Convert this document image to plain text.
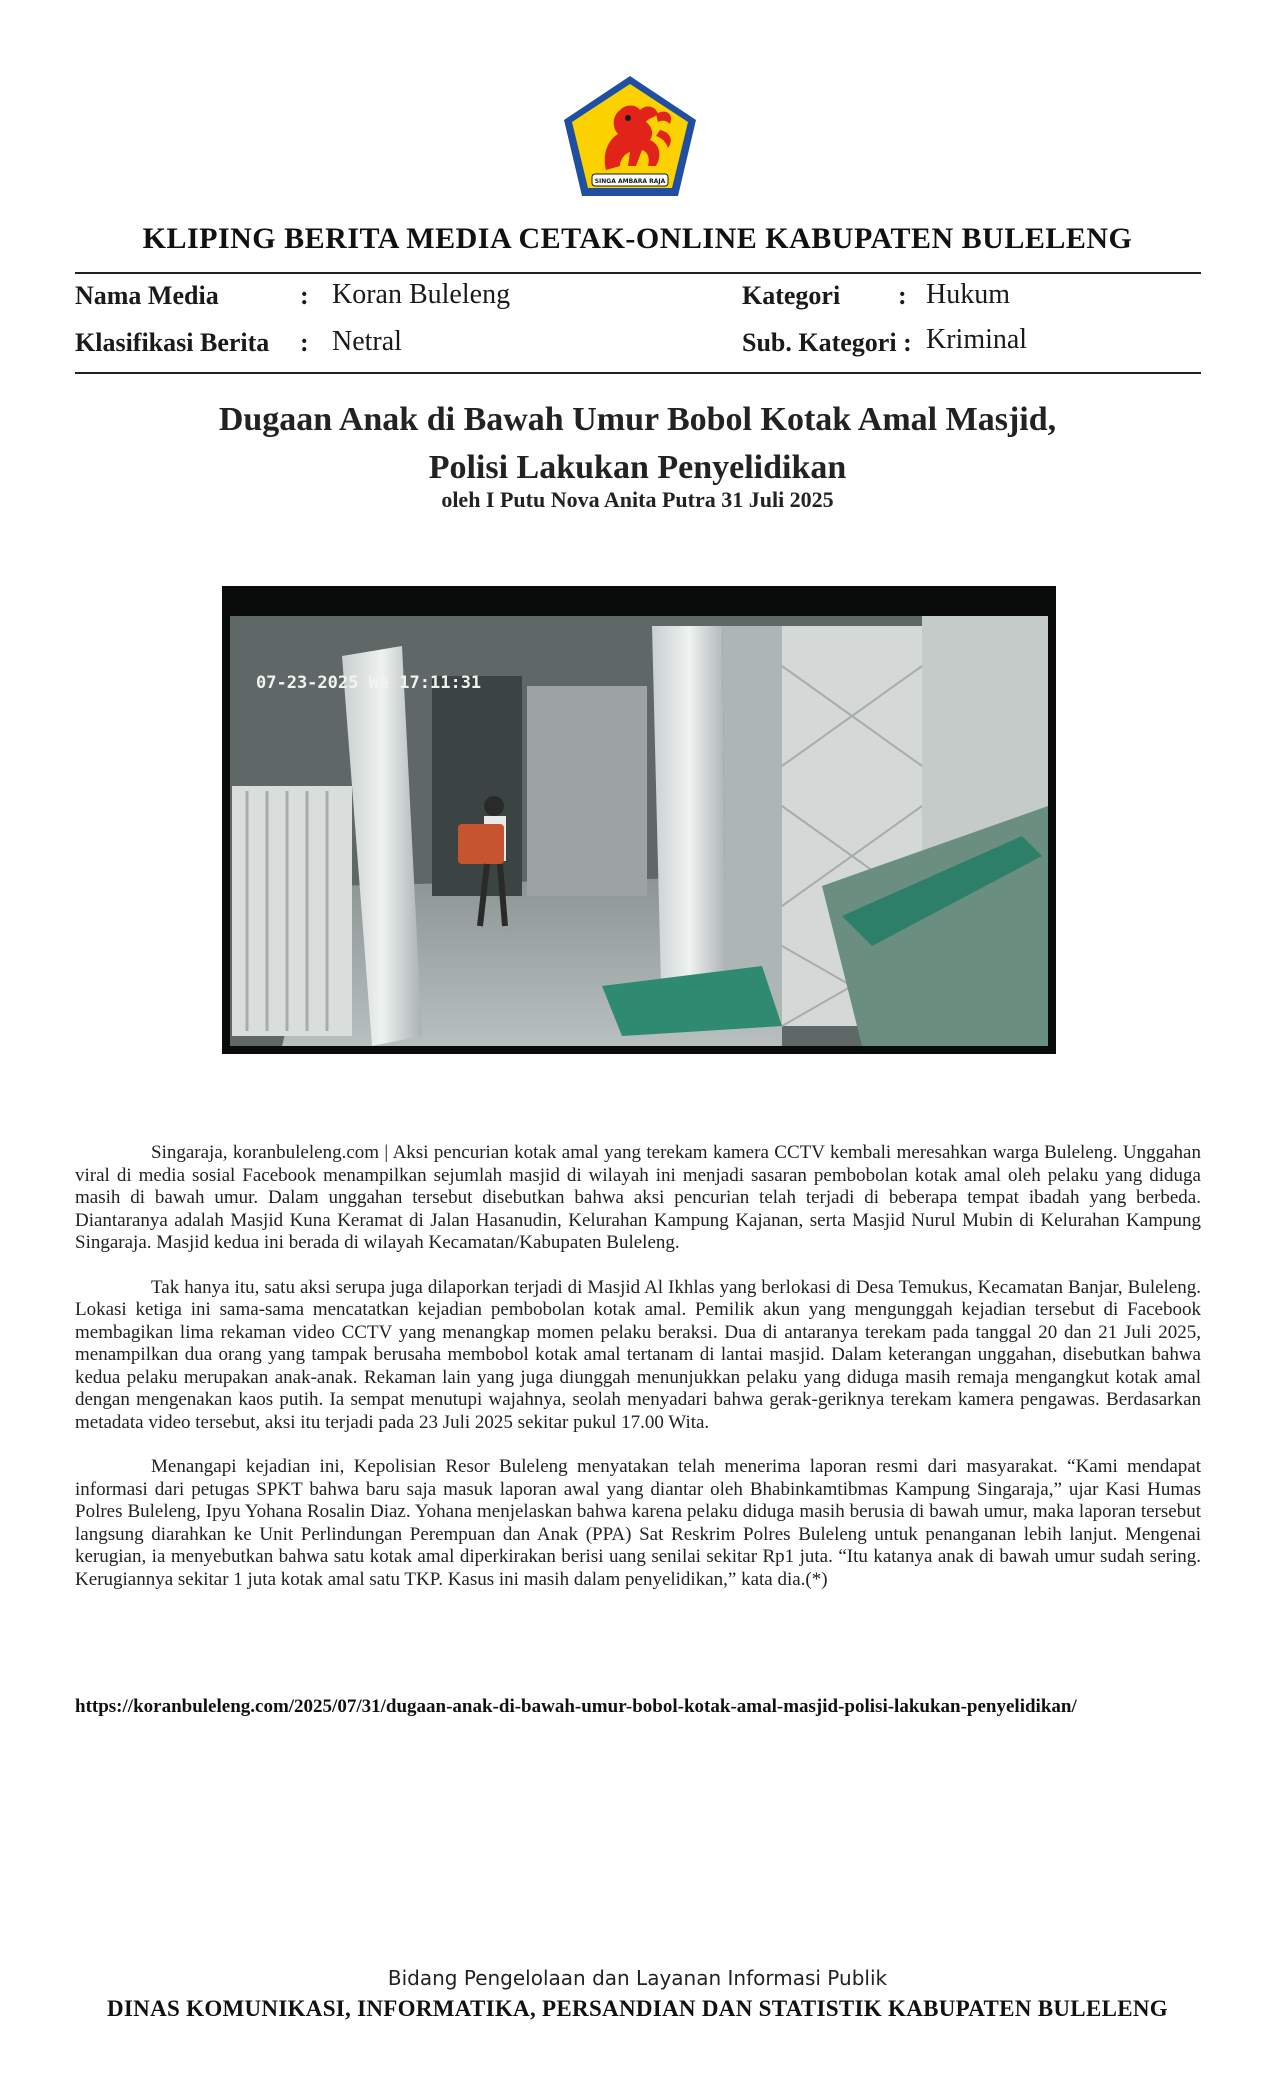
SINGA AMBARA RAJA
KLIPING BERITA MEDIA CETAK-ONLINE KABUPATEN BULELENG
Nama Media	: Koran Buleleng	Kategori : Hukum
Klasifikasi Berita : Netral	Sub. Kategori : Kriminal
Dugaan Anak di Bawah Umur Bobol Kotak Amal Masjid,
Polisi Lakukan Penyelidikan
oleh I Putu Nova Anita Putra 31 Juli 2025
07-23-2025 We 17:11:31

Singaraja, koranbuleleng.com | Aksi pencurian kotak amal yang terekam kamera CCTV kembali meresahkan warga Buleleng. Unggahan viral di media sosial Facebook menampilkan sejumlah masjid di wilayah ini menjadi sasaran pembobolan kotak amal oleh pelaku yang diduga masih di bawah umur. Dalam unggahan tersebut disebutkan bahwa aksi pencurian telah terjadi di beberapa tempat ibadah yang berbeda. Diantaranya adalah Masjid Kuna Keramat di Jalan Hasanudin, Kelurahan Kampung Kajanan, serta Masjid Nurul Mubin di Kelurahan Kampung Singaraja. Masjid kedua ini berada di wilayah Kecamatan/Kabupaten Buleleng.

Tak hanya itu, satu aksi serupa juga dilaporkan terjadi di Masjid Al Ikhlas yang berlokasi di Desa Temukus, Kecamatan Banjar, Buleleng. Lokasi ketiga ini sama-sama mencatatkan kejadian pembobolan kotak amal. Pemilik akun yang mengunggah kejadian tersebut di Facebook membagikan lima rekaman video CCTV yang menangkap momen pelaku beraksi. Dua di antaranya terekam pada tanggal 20 dan 21 Juli 2025, menampilkan dua orang yang tampak berusaha membobol kotak amal tertanam di lantai masjid. Dalam keterangan unggahan, disebutkan bahwa kedua pelaku merupakan anak-anak. Rekaman lain yang juga diunggah menunjukkan pelaku yang diduga masih remaja mengangkut kotak amal dengan mengenakan kaos putih. Ia sempat menutupi wajahnya, seolah menyadari bahwa gerak-geriknya terekam kamera pengawas. Berdasarkan metadata video tersebut, aksi itu terjadi pada 23 Juli 2025 sekitar pukul 17.00 Wita.

Menangapi kejadian ini, Kepolisian Resor Buleleng menyatakan telah menerima laporan resmi dari masyarakat. “Kami mendapat informasi dari petugas SPKT bahwa baru saja masuk laporan awal yang diantar oleh Bhabinkamtibmas Kampung Singaraja,” ujar Kasi Humas Polres Buleleng, Ipyu Yohana Rosalin Diaz. Yohana menjelaskan bahwa karena pelaku diduga masih berusia di bawah umur, maka laporan tersebut langsung diarahkan ke Unit Perlindungan Perempuan dan Anak (PPA) Sat Reskrim Polres Buleleng untuk penanganan lebih lanjut. Mengenai kerugian, ia menyebutkan bahwa satu kotak amal diperkirakan berisi uang senilai sekitar Rp1 juta. “Itu katanya anak di bawah umur sudah sering. Kerugiannya sekitar 1 juta kotak amal satu TKP. Kasus ini masih dalam penyelidikan,” kata dia.(*)

https://koranbuleleng.com/2025/07/31/dugaan-anak-di-bawah-umur-bobol-kotak-amal-masjid-polisi-lakukan-penyelidikan/
Bidang Pengelolaan dan Layanan Informasi Publik
DINAS KOMUNIKASI, INFORMATIKA, PERSANDIAN DAN STATISTIK KABUPATEN BULELENG
